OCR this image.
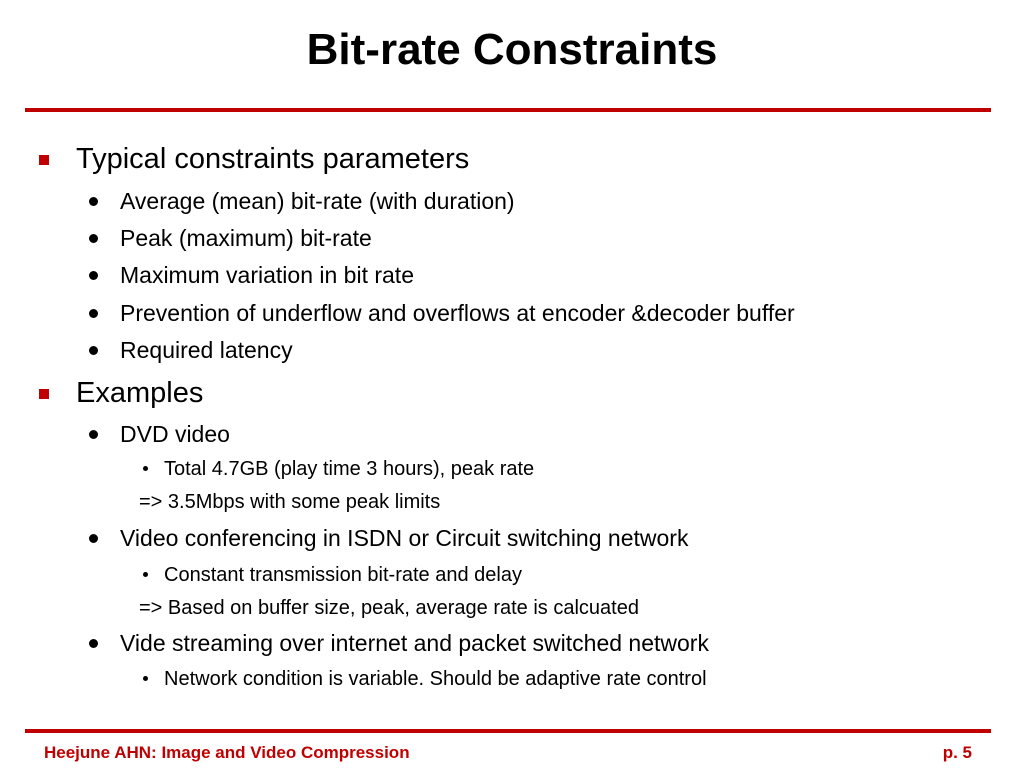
Bit-rate Constraints
Typical constraints parameters
Average (mean) bit-rate (with duration)
Peak (maximum) bit-rate
Maximum variation in bit rate
Prevention of underflow and overflows at encoder &decoder buffer
Required latency
Examples
DVD video
Total 4.7GB (play time 3 hours), peak rate
=> 3.5Mbps with some peak limits
Video conferencing in ISDN or Circuit switching network
Constant transmission bit-rate and delay
=> Based on buffer size, peak, average rate is calcuated
Vide streaming over internet and packet switched network
Network condition is variable. Should be adaptive rate control
Heejune AHN: Image and Video Compression	p. 5
